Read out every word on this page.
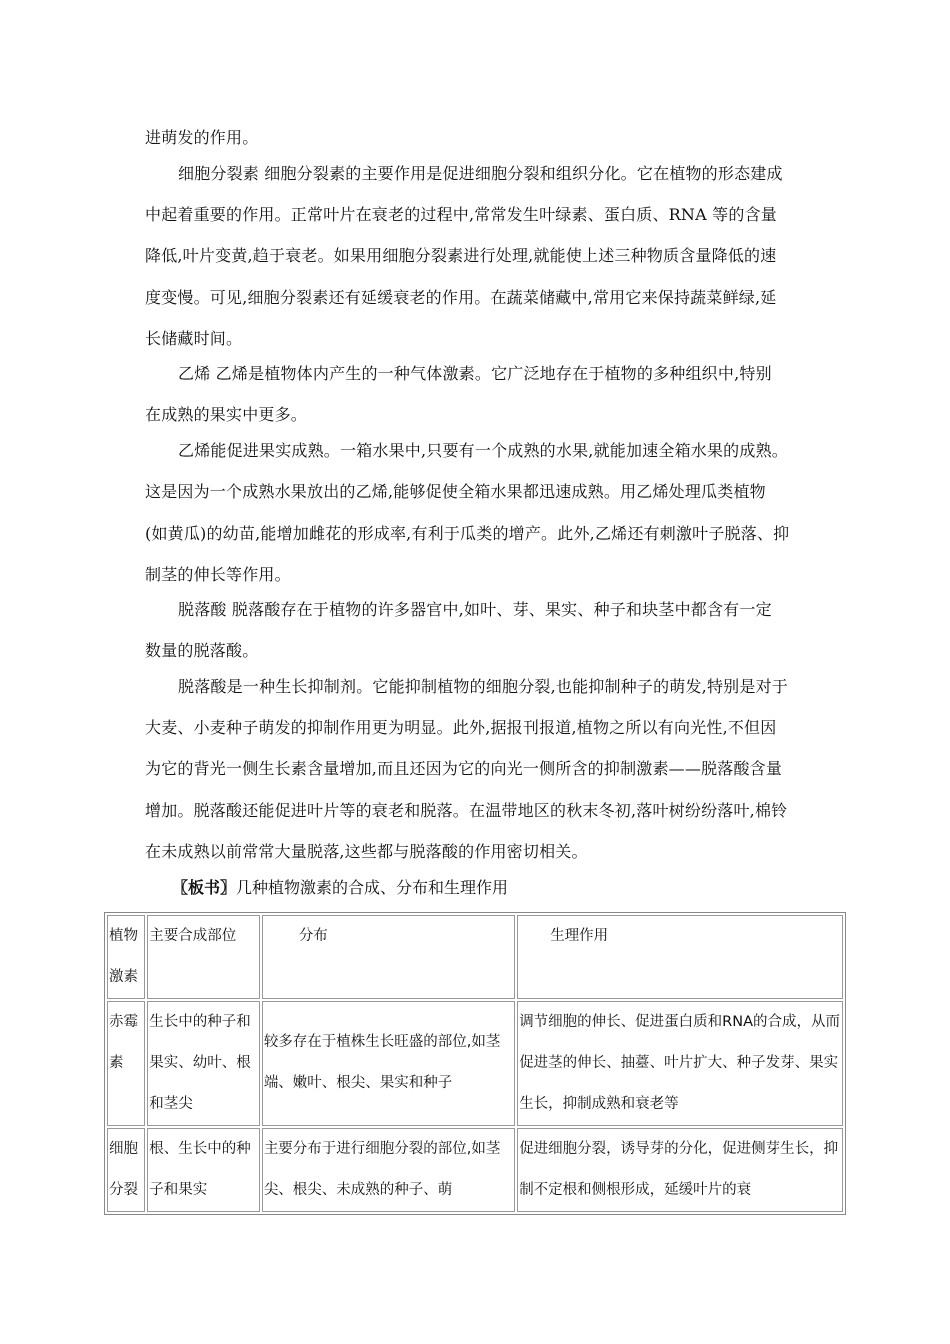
进萌发的作用。
细胞分裂素 细胞分裂素的主要作用是促进细胞分裂和组织分化。它在植物的形态建成
中起着重要的作用。正常叶片在衰老的过程中,常常发生叶绿素、蛋白质、RNA 等的含量
降低,叶片变黄,趋于衰老。如果用细胞分裂素进行处理,就能使上述三种物质含量降低的速
度变慢。可见,细胞分裂素还有延缓衰老的作用。在蔬菜储藏中,常用它来保持蔬菜鲜绿,延
长储藏时间。
乙烯 乙烯是植物体内产生的一种气体激素。它广泛地存在于植物的多种组织中,特别
在成熟的果实中更多。
乙烯能促进果实成熟。一箱水果中,只要有一个成熟的水果,就能加速全箱水果的成熟。
这是因为一个成熟水果放出的乙烯,能够促使全箱水果都迅速成熟。用乙烯处理瓜类植物
(如黄瓜)的幼苗,能增加雌花的形成率,有利于瓜类的增产。此外,乙烯还有刺激叶子脱落、抑
制茎的伸长等作用。
脱落酸 脱落酸存在于植物的许多器官中,如叶、芽、果实、种子和块茎中都含有一定
数量的脱落酸。
脱落酸是一种生长抑制剂。它能抑制植物的细胞分裂,也能抑制种子的萌发,特别是对于
大麦、小麦种子萌发的抑制作用更为明显。此外,据报刊报道,植物之所以有向光性,不但因
为它的背光一侧生长素含量增加,而且还因为它的向光一侧所含的抑制激素——脱落酸含量
增加。脱落酸还能促进叶片等的衰老和脱落。在温带地区的秋末冬初,落叶树纷纷落叶,棉铃
在未成熟以前常常大量脱落,这些都与脱落酸的作用密切相关。
〖板书〗几种植物激素的合成、分布和生理作用
植物激素	主要合成部位	分布	生理作用
赤霉素	生长中的种子和果实、幼叶、根和茎尖	较多存在于植株生长旺盛的部位,如茎端、嫩叶、根尖、果实和种子	调节细胞的伸长、促进蛋白质和RNA的合成，从而促进茎的伸长、抽薹、叶片扩大、种子发芽、果实生长，抑制成熟和衰老等
细胞分裂	根、生长中的种子和果实	主要分布于进行细胞分裂的部位,如茎尖、根尖、未成熟的种子、萌	促进细胞分裂，诱导芽的分化，促进侧芽生长，抑制不定根和侧根形成，延缓叶片的衰
